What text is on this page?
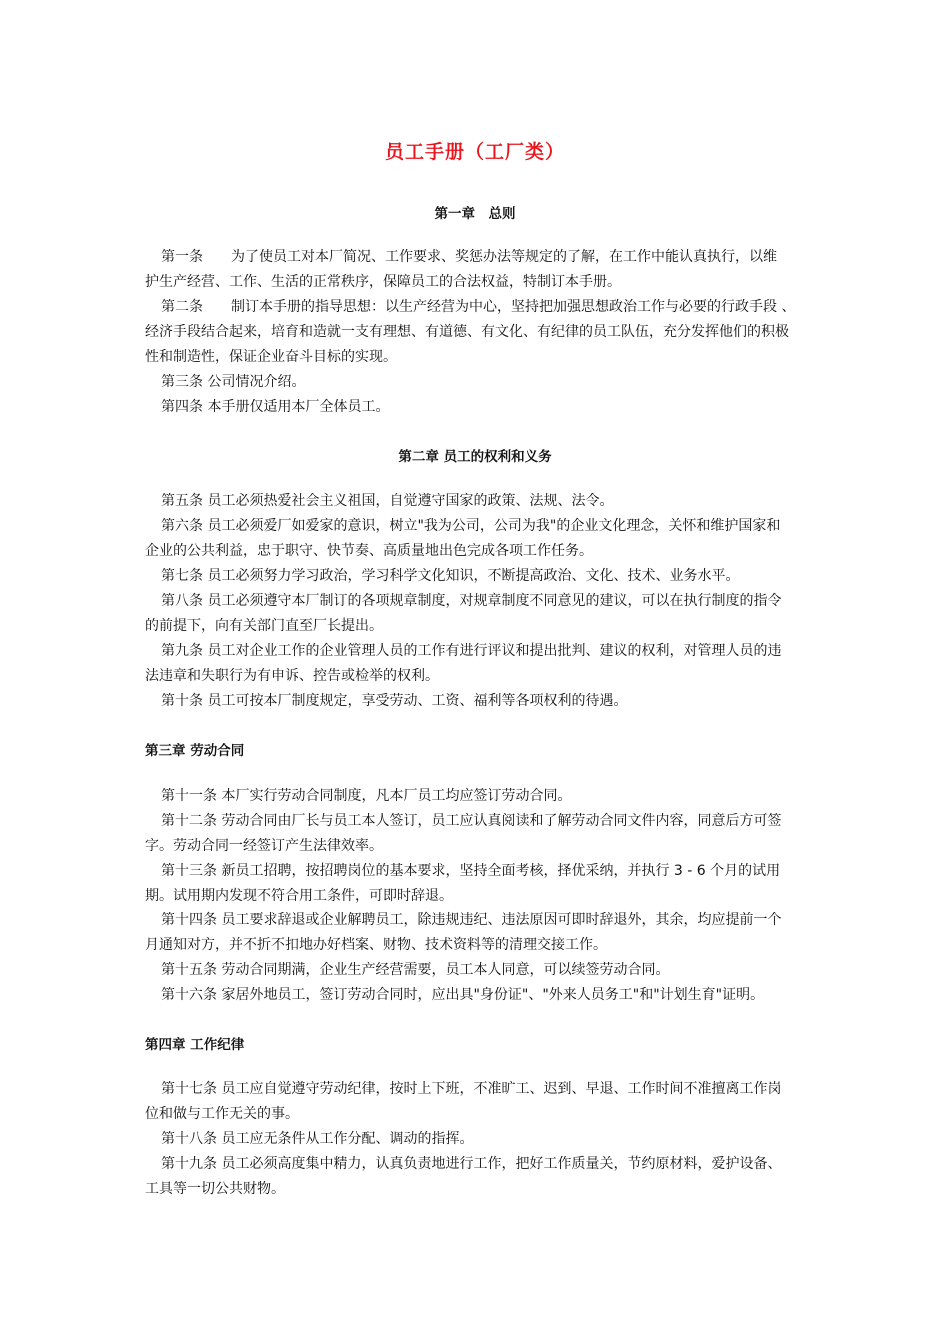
员工手册（工厂类）
第一章　总则
第一条　　为了使员工对本厂简况、工作要求、奖惩办法等规定的了解，在工作中能认真执行，以维
护生产经营、工作、生活的正常秩序，保障员工的合法权益，特制订本手册。
第二条　　制订本手册的指导思想：以生产经营为中心，坚持把加强思想政治工作与必要的行政手段 、
经济手段结合起来，培育和造就一支有理想、有道德、有文化、有纪律的员工队伍，充分发挥他们的积极
性和制造性，保证企业奋斗目标的实现。
第三条 公司情况介绍。
第四条 本手册仅适用本厂全体员工。
第二章 员工的权利和义务
第五条 员工必须热爱社会主义祖国，自觉遵守国家的政策、法规、法令。
第六条 员工必须爱厂如爱家的意识，树立"我为公司，公司为我"的企业文化理念，关怀和维护国家和
企业的公共利益，忠于职守、快节奏、高质量地出色完成各项工作任务。
第七条 员工必须努力学习政治，学习科学文化知识，不断提高政治、文化、技术、业务水平。
第八条 员工必须遵守本厂制订的各项规章制度，对规章制度不同意见的建议，可以在执行制度的指令
的前提下，向有关部门直至厂长提出。
第九条 员工对企业工作的企业管理人员的工作有进行评议和提出批判、建议的权利，对管理人员的违
法违章和失职行为有申诉、控告或检举的权利。
第十条 员工可按本厂制度规定，享受劳动、工资、福利等各项权利的待遇。
第三章 劳动合同
第十一条 本厂实行劳动合同制度，凡本厂员工均应签订劳动合同。
第十二条 劳动合同由厂长与员工本人签订，员工应认真阅读和了解劳动合同文件内容，同意后方可签
字。劳动合同一经签订产生法律效率。
第十三条 新员工招聘，按招聘岗位的基本要求，坚持全面考核，择优采纳，并执行 3 - 6 个月的试用
期。试用期内发现不符合用工条件，可即时辞退。
第十四条 员工要求辞退或企业解聘员工，除违规违纪、违法原因可即时辞退外，其余，均应提前一个
月通知对方，并不折不扣地办好档案、财物、技术资料等的清理交接工作。
第十五条 劳动合同期满，企业生产经营需要，员工本人同意，可以续签劳动合同。
第十六条 家居外地员工，签订劳动合同时，应出具"身份证"、"外来人员务工"和"计划生育"证明。
第四章 工作纪律
第十七条 员工应自觉遵守劳动纪律，按时上下班，不准旷工、迟到、早退、工作时间不准擅离工作岗
位和做与工作无关的事。
第十八条 员工应无条件从工作分配、调动的指挥。
第十九条 员工必须高度集中精力，认真负责地进行工作，把好工作质量关，节约原材料，爱护设备、
工具等一切公共财物。
